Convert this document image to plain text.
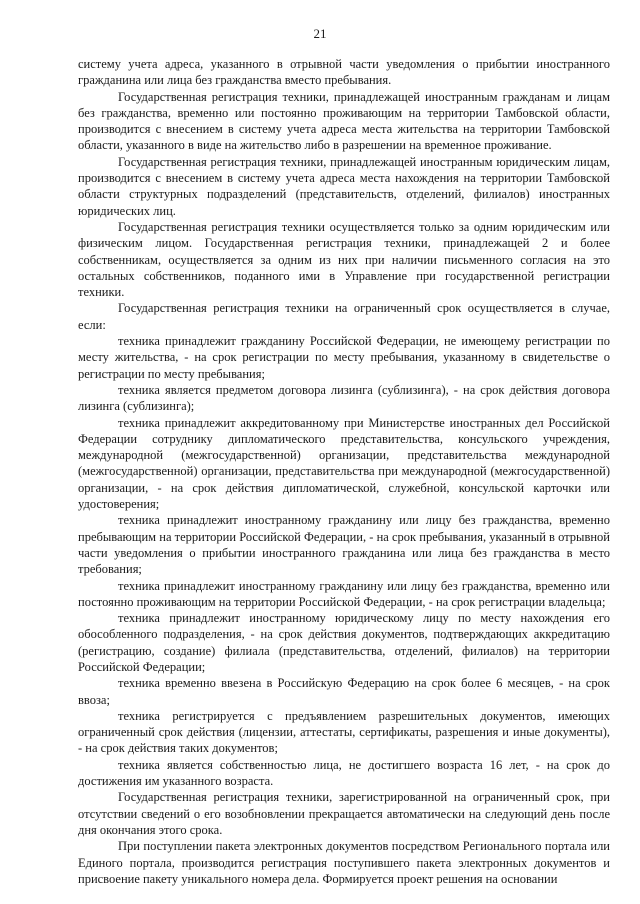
21

системy учета адреса, указанного в отрывной части уведомления о прибытии иностранного гражданина или лица без гражданства вместо пребывания.

Государственная регистрация техники, принадлежащей иностранным гражданам и лицам без гражданства, временно или постоянно проживающим на территории Тамбовской области, производится с внесением в систему учета адреса места жительства на территории Тамбовской области, указанного в виде на жительство либо в разрешении на временное проживание.

Государственная регистрация техники, принадлежащей иностранным юридическим лицам, производится с внесением в систему учета адреса места нахождения на территории Тамбовской области структурных подразделений (представительств, отделений, филиалов) иностранных юридических лиц.

Государственная регистрация техники осуществляется только за одним юридическим или физическим лицом. Государственная регистрация техники, принадлежащей 2 и более собственникам, осуществляется за одним из них при наличии письменного согласия на это остальных собственников, поданного ими в Управление при государственной регистрации техники.

Государственная регистрация техники на ограниченный срок осуществляется в случае, если:

техника принадлежит гражданину Российской Федерации, не имеющему регистрации по месту жительства, - на срок регистрации по месту пребывания, указанному в свидетельстве о регистрации по месту пребывания;

техника является предметом договора лизинга (сублизинга), - на срок действия договора лизинга (сублизинга);

техника принадлежит аккредитованному при Министерстве иностранных дел Российской Федерации сотруднику дипломатического представительства, консульского учреждения, международной (межгосударственной) организации, представительства международной (межгосударственной) организации, представительства при международной (межгосударственной) организации, - на срок действия дипломатической, служебной, консульской карточки или удостоверения;

техника принадлежит иностранному гражданину или лицу без гражданства, временно пребывающим на территории Российской Федерации, - на срок пребывания, указанный в отрывной части уведомления о прибытии иностранного гражданина или лица без гражданства в место требования;

техника принадлежит иностранному гражданину или лицу без гражданства, временно или постоянно проживающим на территории Российской Федерации, - на срок регистрации владельца;

техника принадлежит иностранному юридическому лицу по месту нахождения его обособленного подразделения, - на срок действия документов, подтверждающих аккредитацию (регистрацию, создание) филиала (представительства, отделений, филиалов) на территории Российской Федерации;

техника временно ввезена в Российскую Федерацию на срок более 6 месяцев, - на срок ввоза;

техника регистрируется с предъявлением разрешительных документов, имеющих ограниченный срок действия (лицензии, аттестаты, сертификаты, разрешения и иные документы), - на срок действия таких документов;

техника является собственностью лица, не достигшего возраста 16 лет, - на срок до достижения им указанного возраста.

Государственная регистрация техники, зарегистрированной на ограниченный срок, при отсутствии сведений о его возобновлении прекращается автоматически на следующий день после дня окончания этого срока.

При поступлении пакета электронных документов посредством Регионального портала или Единого портала, производится регистрация поступившего пакета электронных документов и присвоение пакету уникального номера дела. Формируется проект решения на основании
